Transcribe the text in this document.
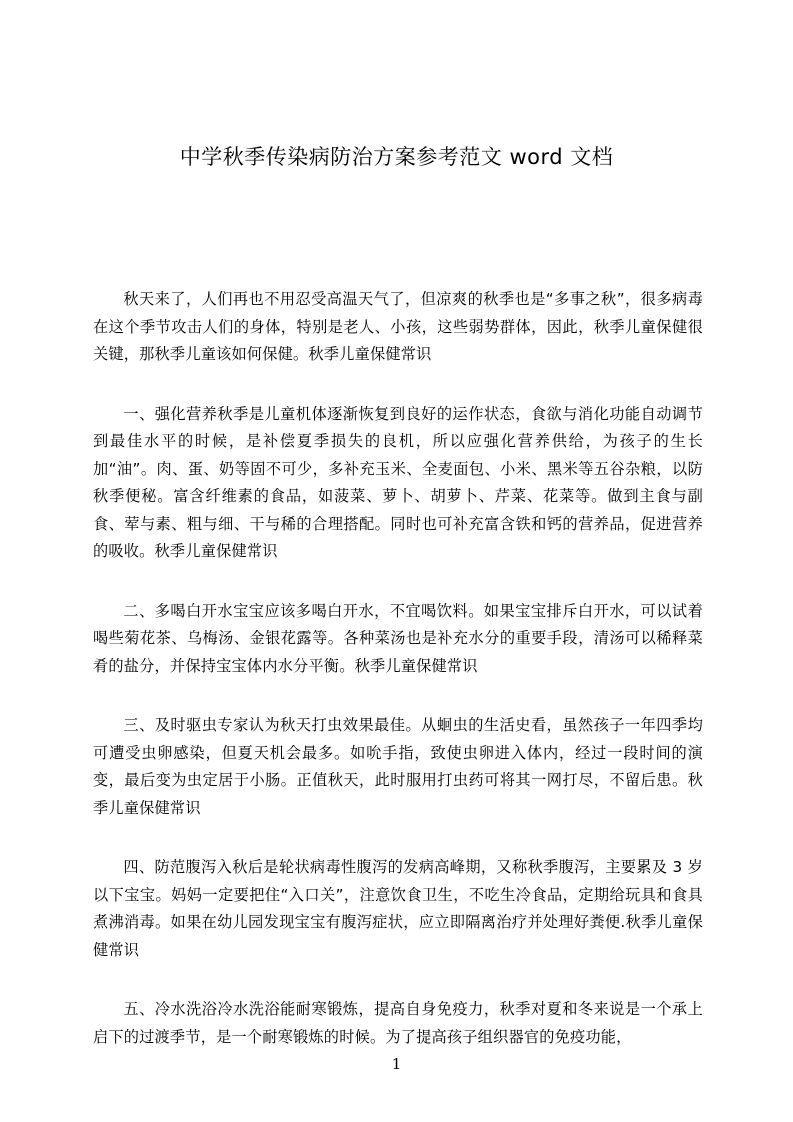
中学秋季传染病防治方案参考范文 word 文档

秋天来了，人们再也不用忍受高温天气了，但凉爽的秋季也是“多事之秋”，很多病毒在这个季节攻击人们的身体，特别是老人、小孩，这些弱势群体，因此，秋季儿童保健很关键，那秋季儿童该如何保健。秋季儿童保健常识

一、强化营养秋季是儿童机体逐渐恢复到良好的运作状态，食欲与消化功能自动调节到最佳水平的时候，是补偿夏季损失的良机，所以应强化营养供给，为孩子的生长加“油”。肉、蛋、奶等固不可少，多补充玉米、全麦面包、小米、黑米等五谷杂粮，以防秋季便秘。富含纤维素的食品，如菠菜、萝卜、胡萝卜、芹菜、花菜等。做到主食与副食、荤与素、粗与细、干与稀的合理搭配。同时也可补充富含铁和钙的营养品，促进营养的吸收。秋季儿童保健常识

二、多喝白开水宝宝应该多喝白开水，不宜喝饮料。如果宝宝排斥白开水，可以试着喝些菊花茶、乌梅汤、金银花露等。各种菜汤也是补充水分的重要手段，清汤可以稀释菜肴的盐分，并保持宝宝体内水分平衡。秋季儿童保健常识

三、及时驱虫专家认为秋天打虫效果最佳。从蛔虫的生活史看，虽然孩子一年四季均可遭受虫卵感染，但夏天机会最多。如吮手指，致使虫卵进入体内，经过一段时间的演变，最后变为虫定居于小肠。正值秋天，此时服用打虫药可将其一网打尽，不留后患。秋季儿童保健常识

四、防范腹泻入秋后是轮状病毒性腹泻的发病高峰期，又称秋季腹泻，主要累及 3 岁以下宝宝。妈妈一定要把住“入口关”，注意饮食卫生，不吃生冷食品，定期给玩具和食具煮沸消毒。如果在幼儿园发现宝宝有腹泻症状，应立即隔离治疗并处理好粪便.秋季儿童保健常识

五、冷水洗浴冷水洗浴能耐寒锻炼，提高自身免疫力，秋季对夏和冬来说是一个承上启下的过渡季节，是一个耐寒锻炼的时候。为了提高孩子组织器官的免疫功能，

1
